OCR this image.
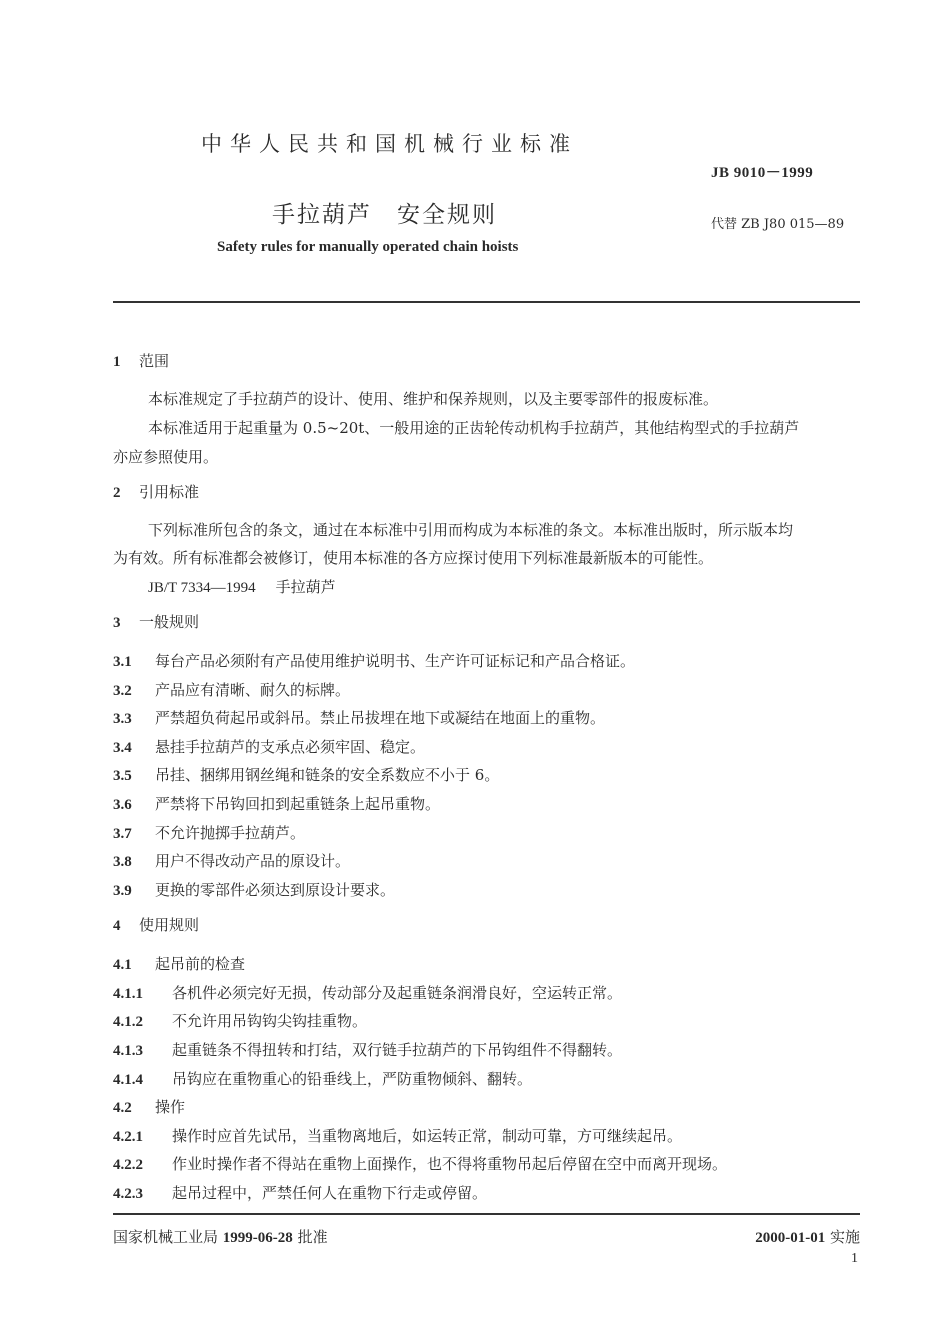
中华人民共和国机械行业标准
JB 9010－1999
手拉葫芦　安全规则	代替 ZB J80 015—89
Safety rules for manually operated chain hoists
1 范围
本标准规定了手拉葫芦的设计、使用、维护和保养规则，以及主要零部件的报废标准。
本标准适用于起重量为 0.5~20t、一般用途的正齿轮传动机构手拉葫芦，其他结构型式的手拉葫芦
亦应参照使用。
2 引用标准
下列标准所包含的条文，通过在本标准中引用而构成为本标准的条文。本标准出版时，所示版本均
为有效。所有标准都会被修订，使用本标准的各方应探讨使用下列标准最新版本的可能性。
JB/T 7334—1994 手拉葫芦
3 一般规则
3.1 每台产品必须附有产品使用维护说明书、生产许可证标记和产品合格证。
3.2 产品应有清晰、耐久的标牌。
3.3 严禁超负荷起吊或斜吊。禁止吊拔埋在地下或凝结在地面上的重物。
3.4 悬挂手拉葫芦的支承点必须牢固、稳定。
3.5 吊挂、捆绑用钢丝绳和链条的安全系数应不小于 6。
3.6 严禁将下吊钩回扣到起重链条上起吊重物。
3.7 不允许抛掷手拉葫芦。
3.8 用户不得改动产品的原设计。
3.9 更换的零部件必须达到原设计要求。
4 使用规则
4.1 起吊前的检查
4.1.1 各机件必须完好无损，传动部分及起重链条润滑良好，空运转正常。
4.1.2 不允许用吊钩钩尖钩挂重物。
4.1.3 起重链条不得扭转和打结，双行链手拉葫芦的下吊钩组件不得翻转。
4.1.4 吊钩应在重物重心的铅垂线上，严防重物倾斜、翻转。
4.2 操作
4.2.1 操作时应首先试吊，当重物离地后，如运转正常，制动可靠，方可继续起吊。
4.2.2 作业时操作者不得站在重物上面操作，也不得将重物吊起后停留在空中而离开现场。
4.2.3 起吊过程中，严禁任何人在重物下行走或停留。
国家机械工业局 1999-06-28 批准	2000-01-01 实施
1
